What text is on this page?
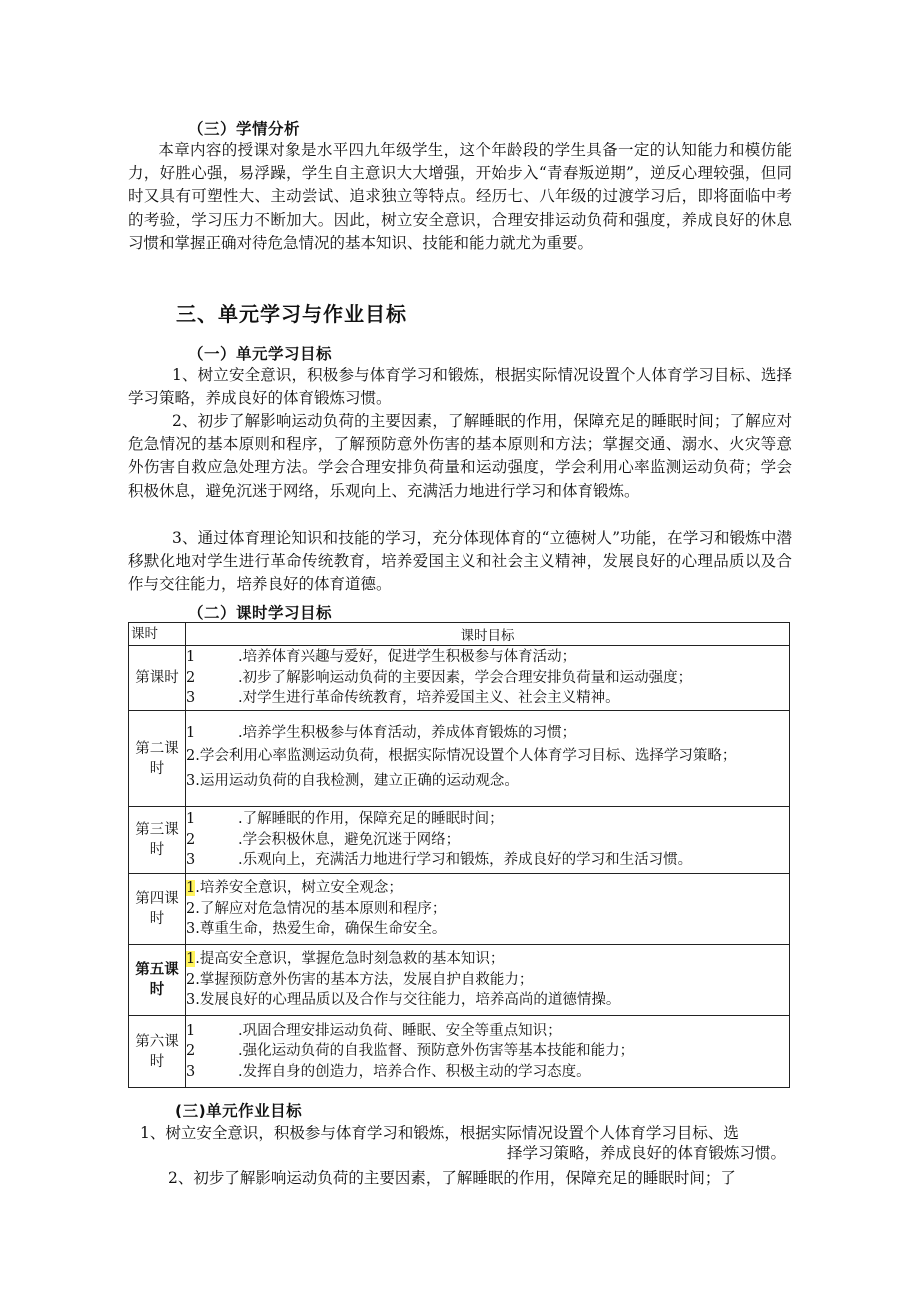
（三）学情分析
本章内容的授课对象是水平四九年级学生，这个年龄段的学生具备一定的认知能力和模仿能力，好胜心强，易浮躁，学生自主意识大大增强，开始步入“青春叛逆期”，逆反心理较强，但同时又具有可塑性大、主动尝试、追求独立等特点。经历七、八年级的过渡学习后，即将面临中考的考验，学习压力不断加大。因此，树立安全意识，合理安排运动负荷和强度，养成良好的休息习惯和掌握正确对待危急情况的基本知识、技能和能力就尤为重要。
三、单元学习与作业目标
（一）单元学习目标
1、树立安全意识，积极参与体育学习和锻炼，根据实际情况设置个人体育学习目标、选择学习策略，养成良好的体育锻炼习惯。
2、初步了解影响运动负荷的主要因素，了解睡眠的作用，保障充足的睡眠时间；了解应对危急情况的基本原则和程序，了解预防意外伤害的基本原则和方法；掌握交通、溺水、火灾等意外伤害自救应急处理方法。学会合理安排负荷量和运动强度，学会利用心率监测运动负荷；学会积极休息，避免沉迷于网络，乐观向上、充满活力地进行学习和体育锻炼。
3、通过体育理论知识和技能的学习，充分体现体育的“立德树人”功能，在学习和锻炼中潜移默化地对学生进行革命传统教育，培养爱国主义和社会主义精神，发展良好的心理品质以及合作与交往能力，培养良好的体育道德。
（二）课时学习目标
课时	课时目标
第课时	1 .培养体育兴趣与爱好，促进学生积极参与体育活动；
2 .初步了解影响运动负荷的主要因素，学会合理安排负荷量和运动强度；
3 .对学生进行革命传统教育，培养爱国主义、社会主义精神。

第二课时	1 .培养学生积极参与体育活动，养成体育锻炼的习惯；
2.学会利用心率监测运动负荷，根据实际情况设置个人体育学习目标、选择学习策略；
3.运用运动负荷的自我检测，建立正确的运动观念。

第三课时	1 .了解睡眠的作用，保障充足的睡眠时间；
2 .学会积极休息，避免沉迷于网络；
3 .乐观向上，充满活力地进行学习和锻炼，养成良好的学习和生活习惯。

第四课时	1.培养安全意识，树立安全观念；
2.了解应对危急情况的基本原则和程序；
3.尊重生命，热爱生命，确保生命安全。

第五课时	1.提高安全意识，掌握危急时刻急救的基本知识；
2.掌握预防意外伤害的基本方法，发展自护自救能力；
3.发展良好的心理品质以及合作与交往能力，培养高尚的道德情操。

第六课时	1 .巩固合理安排运动负荷、睡眠、安全等重点知识；
2 .强化运动负荷的自我监督、预防意外伤害等基本技能和能力；
3 .发挥自身的创造力，培养合作、积极主动的学习态度。
(三)单元作业目标
1、树立安全意识，积极参与体育学习和锻炼，根据实际情况设置个人体育学习目标、选
择学习策略，养成良好的体育锻炼习惯。
2、初步了解影响运动负荷的主要因素，了解睡眠的作用，保障充足的睡眠时间；了
